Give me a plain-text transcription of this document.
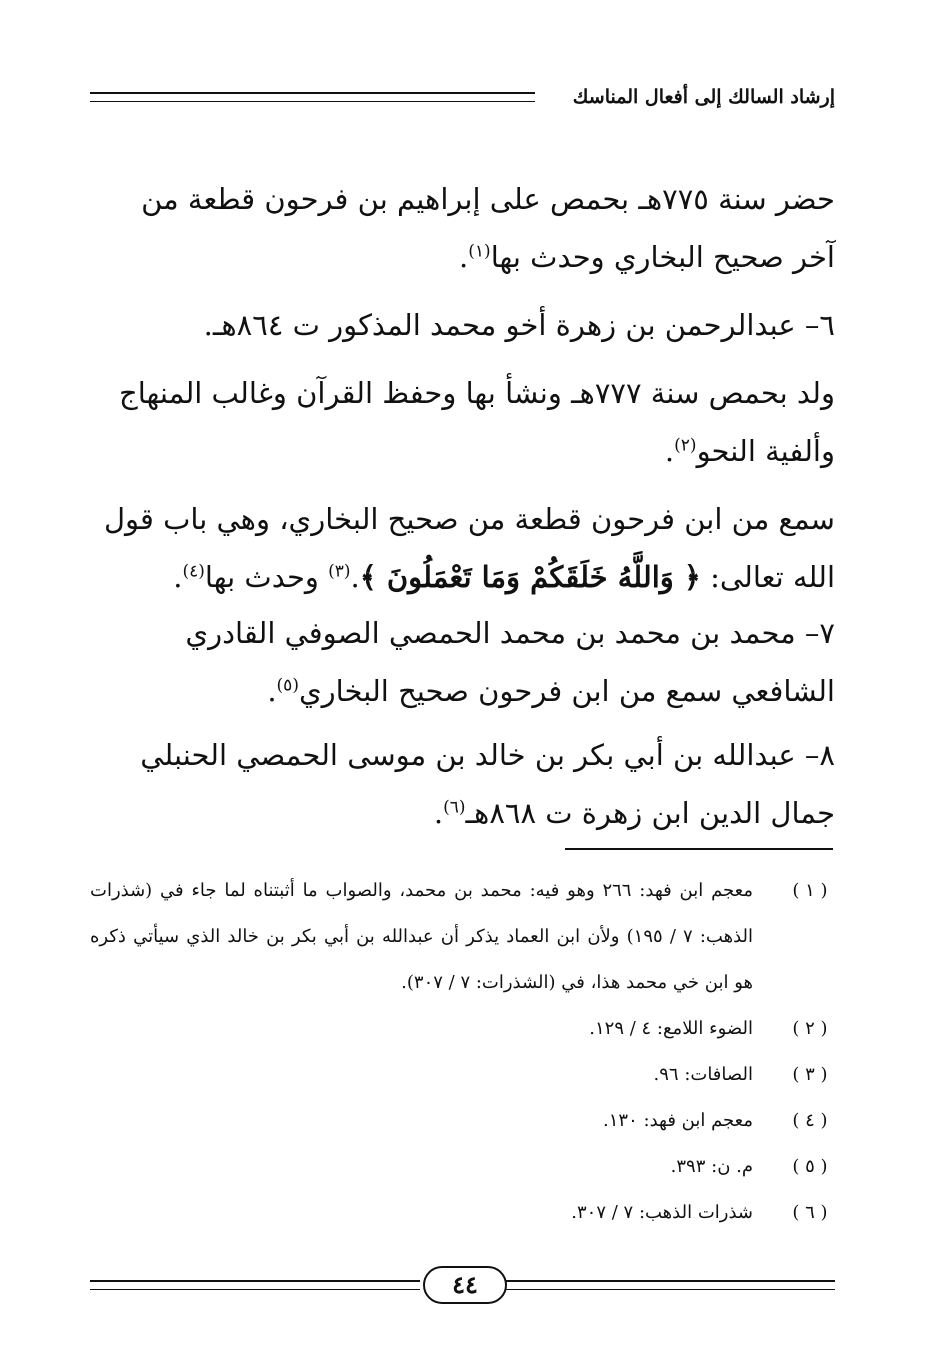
إرشاد السالك إلى أفعال المناسك

حضر سنة ٧٧٥هـ بحمص على إبراهيم بن فرحون قطعة من آخر صحيح البخاري وحدث بها$^{(١)}$.

٦– عبدالرحمن بن زهرة أخو محمد المذكور ت ٨٦٤هـ.

ولد بحمص سنة ٧٧٧هـ ونشأ بها وحفظ القرآن وغالب المنهاج وألفية النحو$^{(٢)}$.

سمع من ابن فرحون قطعة من صحيح البخاري، وهي باب قول الله تعالى: ﴿ وَاللَّهُ خَلَقَكُمْ وَمَا تَعْمَلُونَ ﴾.$^{(٣)}$ وحدث بها$^{(٤)}$.

٧– محمد بن محمد بن محمد الحمصي الصوفي القادري الشافعي سمع من ابن فرحون صحيح البخاري$^{(٥)}$.

٨– عبدالله بن أبي بكر بن خالد بن موسى الحمصي الحنبلي جمال الدين ابن زهرة ت ٨٦٨هـ$^{(٦)}$.

( ١ )
معجم ابن فهد: ٢٦٦ وهو فيه: محمد بن محمد، والصواب ما أثبتناه لما جاء في (شذرات الذهب: ٧ / ١٩٥) ولأن ابن العماد يذكر أن عبدالله بن أبي بكر بن خالد الذي سيأتي ذكره هو ابن خي محمد هذا، في (الشذرات: ٧ / ٣٠٧).
( ٢ )
الضوء اللامع: ٤ / ١٢٩.
( ٣ )
الصافات: ٩٦.
( ٤ )
معجم ابن فهد: ١٣٠.
( ٥ )
م. ن: ٣٩٣.
( ٦ )
شذرات الذهب: ٧ / ٣٠٧.
٤٤
